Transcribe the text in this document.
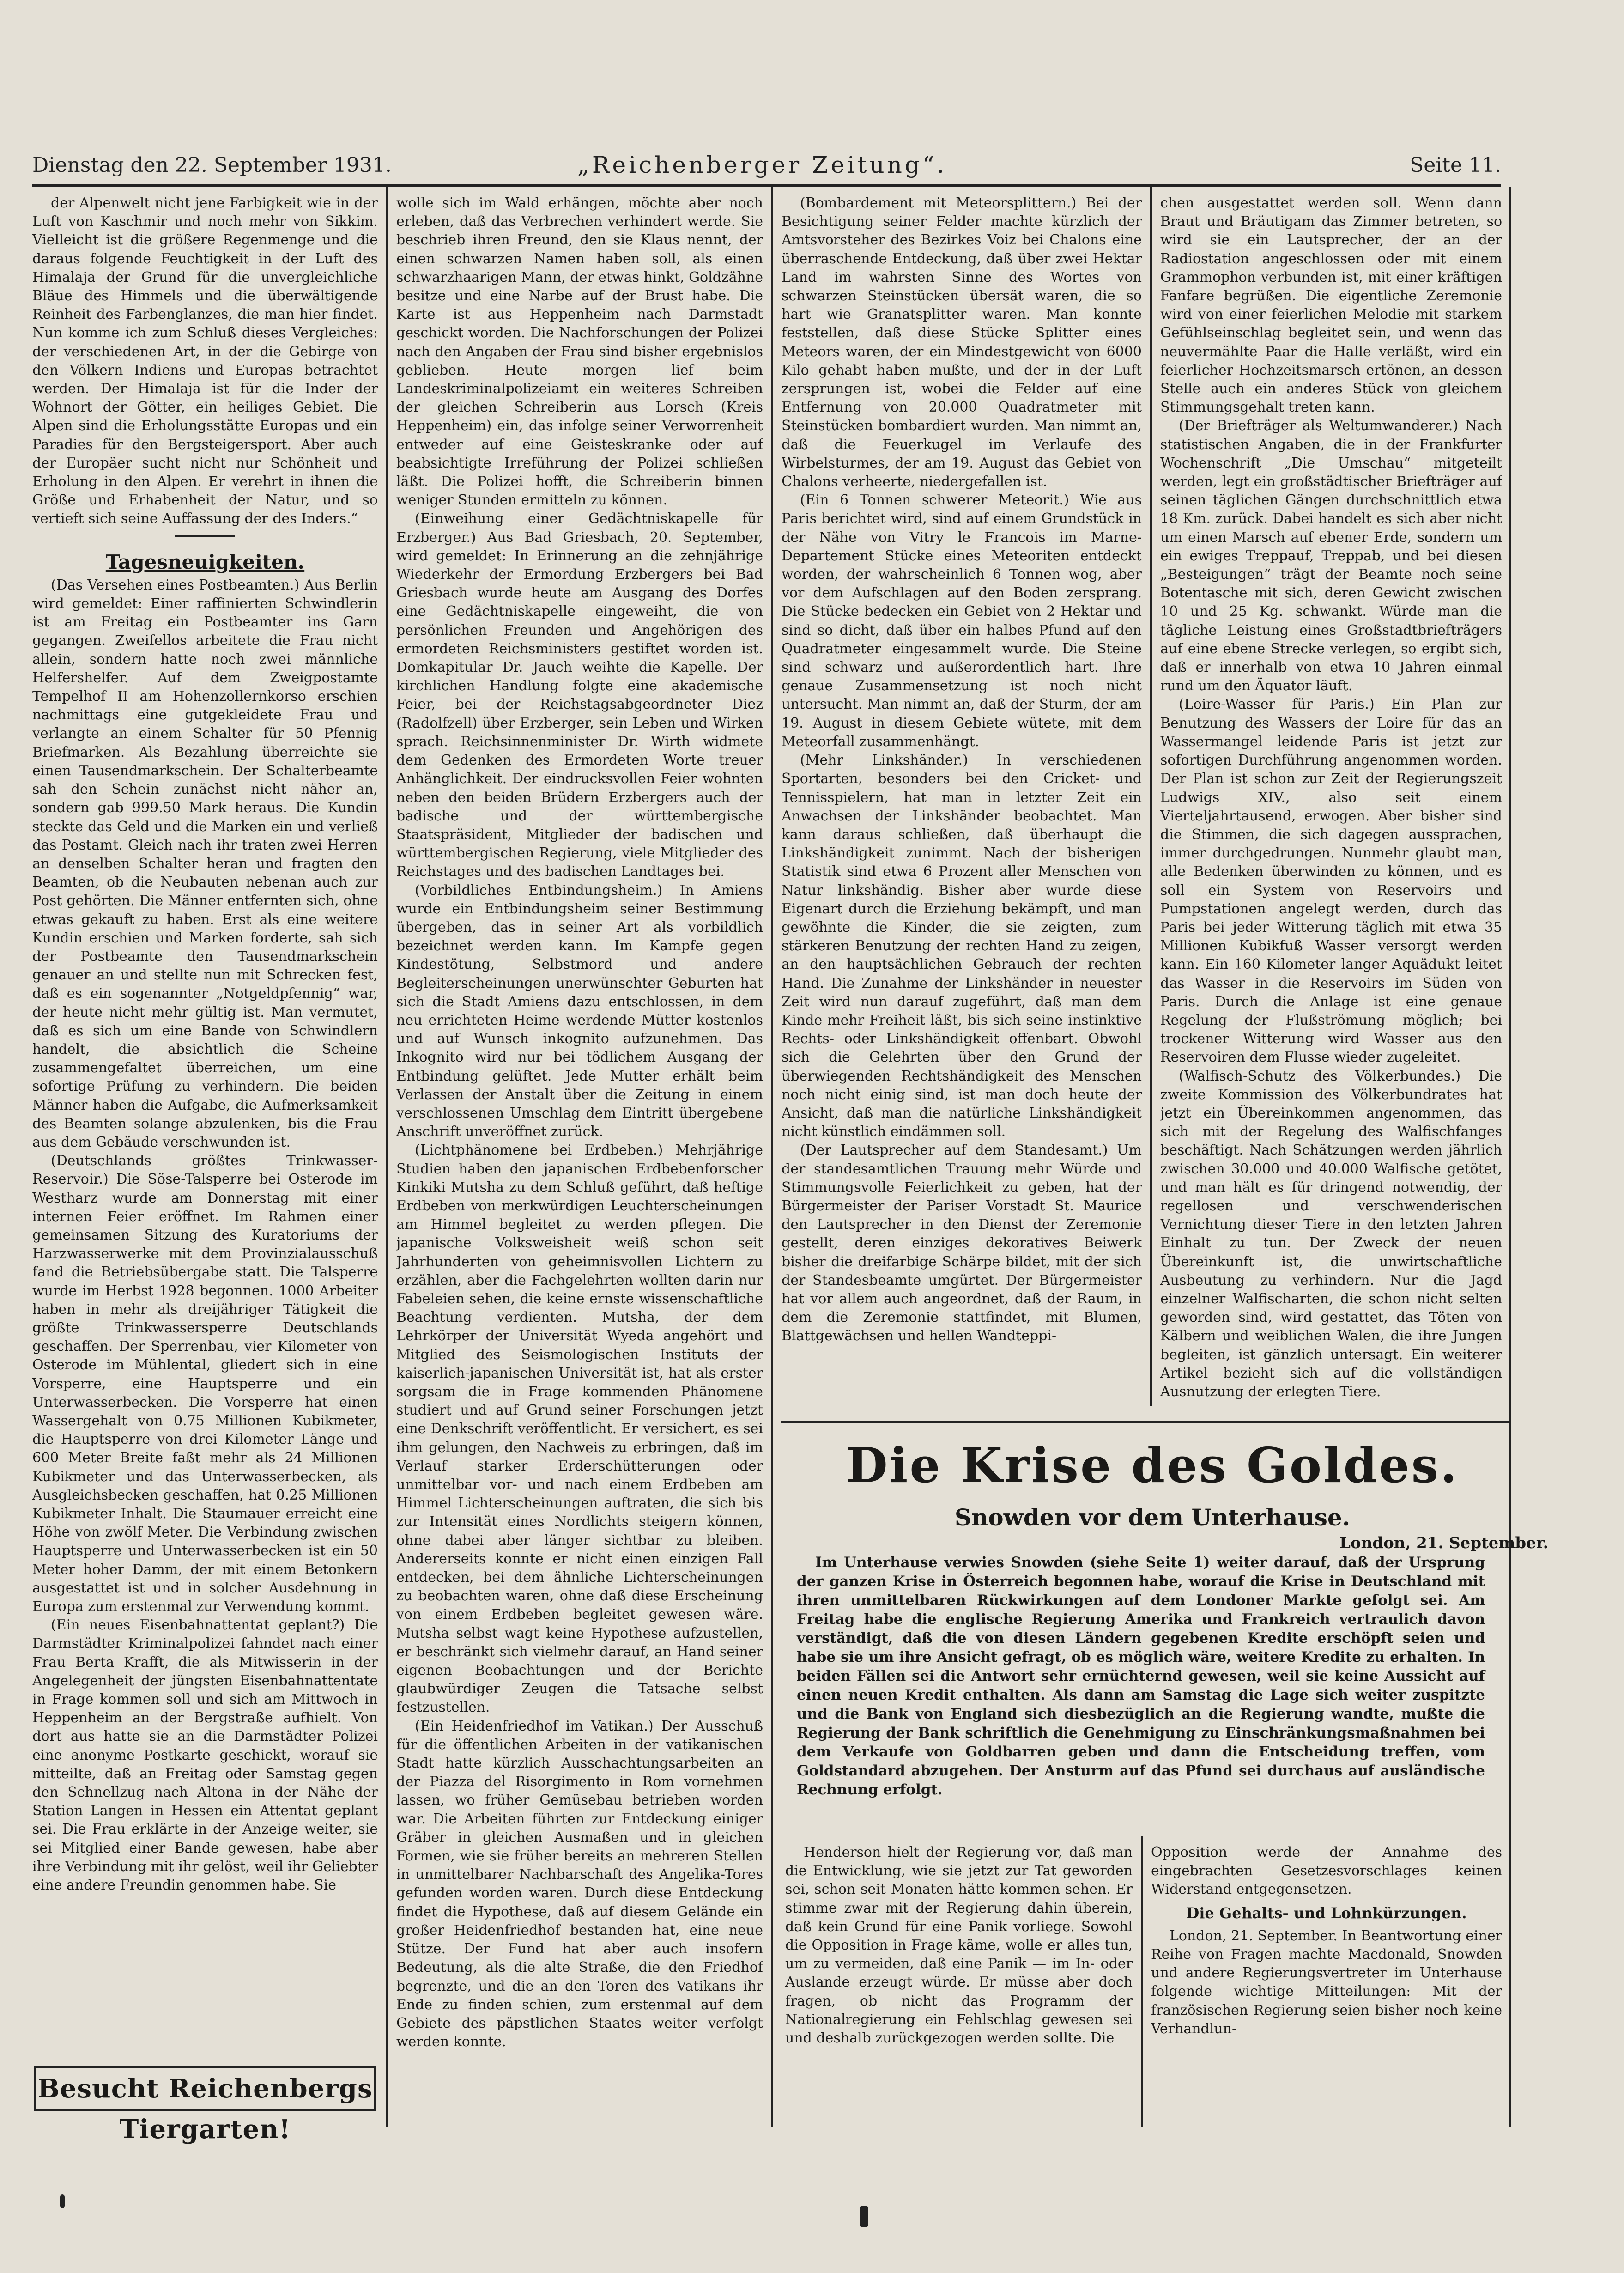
Dienstag den 22. September 1931.	„Reichenberger Zeitung“.	Seite 11.

der Alpenwelt nicht jene Farbigkeit wie in der Luft von Kaschmir und noch mehr von Sikkim. Vielleicht ist die größere Regenmenge und die daraus folgende Feuchtigkeit in der Luft des Himalaja der Grund für die unvergleichliche Bläue des Himmels und die überwältigende Reinheit des Farbenglanzes, die man hier findet. Nun komme ich zum Schluß dieses Vergleiches: der verschiedenen Art, in der die Gebirge von den Völkern Indiens und Europas betrachtet werden. Der Himalaja ist für die Inder der Wohnort der Götter, ein heiliges Gebiet. Die Alpen sind die Erholungsstätte Europas und ein Paradies für den Bergsteigersport. Aber auch der Europäer sucht nicht nur Schönheit und Erholung in den Alpen. Er verehrt in ihnen die Größe und Erhabenheit der Natur, und so vertieft sich seine Auffassung der des Inders.“

Tagesneuigkeiten.

(Das Versehen eines Postbeamten.) Aus Berlin wird gemeldet: Einer raffinierten Schwindlerin ist am Freitag ein Postbeamter ins Garn gegangen. Zweifellos arbeitete die Frau nicht allein, sondern hatte noch zwei männliche Helfershelfer. Auf dem Zweigpostamte Tempelhof II am Hohenzollernkorso erschien nachmittags eine gutgekleidete Frau und verlangte an einem Schalter für 50 Pfennig Briefmarken. Als Bezahlung überreichte sie einen Tausendmarkschein. Der Schalterbeamte sah den Schein zunächst nicht näher an, sondern gab 999.50 Mark heraus. Die Kundin steckte das Geld und die Marken ein und verließ das Postamt. Gleich nach ihr traten zwei Herren an denselben Schalter heran und fragten den Beamten, ob die Neubauten nebenan auch zur Post gehörten. Die Männer entfernten sich, ohne etwas gekauft zu haben. Erst als eine weitere Kundin erschien und Marken forderte, sah sich der Postbeamte den Tausendmarkschein genauer an und stellte nun mit Schrecken fest, daß es ein sogenannter „Notgeldpfennig“ war, der heute nicht mehr gültig ist. Man vermutet, daß es sich um eine Bande von Schwindlern handelt, die absichtlich die Scheine zusammengefaltet überreichen, um eine sofortige Prüfung zu verhindern. Die beiden Männer haben die Aufgabe, die Aufmerksamkeit des Beamten solange abzulenken, bis die Frau aus dem Gebäude verschwunden ist.

(Deutschlands größtes Trinkwasser-Reservoir.) Die Söse-Talsperre bei Osterode im Westharz wurde am Donnerstag mit einer internen Feier eröffnet. Im Rahmen einer gemeinsamen Sitzung des Kuratoriums der Harzwasserwerke mit dem Provinzialausschuß fand die Betriebsübergabe statt. Die Talsperre wurde im Herbst 1928 begonnen. 1000 Arbeiter haben in mehr als dreijähriger Tätigkeit die größte Trinkwassersperre Deutschlands geschaffen. Der Sperrenbau, vier Kilometer von Osterode im Mühlental, gliedert sich in eine Vorsperre, eine Hauptsperre und ein Unterwasserbecken. Die Vorsperre hat einen Wassergehalt von 0.75 Millionen Kubikmeter, die Hauptsperre von drei Kilometer Länge und 600 Meter Breite faßt mehr als 24 Millionen Kubikmeter und das Unterwasserbecken, als Ausgleichsbecken geschaffen, hat 0.25 Millionen Kubikmeter Inhalt. Die Staumauer erreicht eine Höhe von zwölf Meter. Die Verbindung zwischen Hauptsperre und Unterwasserbecken ist ein 50 Meter hoher Damm, der mit einem Betonkern ausgestattet ist und in solcher Ausdehnung in Europa zum erstenmal zur Verwendung kommt.

(Ein neues Eisenbahnattentat geplant?) Die Darmstädter Kriminalpolizei fahndet nach einer Frau Berta Krafft, die als Mitwisserin in der Angelegenheit der jüngsten Eisenbahnattentate in Frage kommen soll und sich am Mittwoch in Heppenheim an der Bergstraße aufhielt. Von dort aus hatte sie an die Darmstädter Polizei eine anonyme Postkarte geschickt, worauf sie mitteilte, daß an Freitag oder Samstag gegen den Schnellzug nach Altona in der Nähe der Station Langen in Hessen ein Attentat geplant sei. Die Frau erklärte in der Anzeige weiter, sie sei Mitglied einer Bande gewesen, habe aber ihre Verbindung mit ihr gelöst, weil ihr Geliebter eine andere Freundin genommen habe. Sie

Besucht Reichenbergs Tiergarten!

wolle sich im Wald erhängen, möchte aber noch erleben, daß das Verbrechen verhindert werde. Sie beschrieb ihren Freund, den sie Klaus nennt, der einen schwarzen Namen haben soll, als einen schwarzhaarigen Mann, der etwas hinkt, Goldzähne besitze und eine Narbe auf der Brust habe. Die Karte ist aus Heppenheim nach Darmstadt geschickt worden. Die Nachforschungen der Polizei nach den Angaben der Frau sind bisher ergebnislos geblieben. Heute morgen lief beim Landeskriminalpolizeiamt ein weiteres Schreiben der gleichen Schreiberin aus Lorsch (Kreis Heppenheim) ein, das infolge seiner Verworrenheit entweder auf eine Geisteskranke oder auf beabsichtigte Irreführung der Polizei schließen läßt. Die Polizei hofft, die Schreiberin binnen weniger Stunden ermitteln zu können.

(Einweihung einer Gedächtniskapelle für Erzberger.) Aus Bad Griesbach, 20. September, wird gemeldet: In Erinnerung an die zehnjährige Wiederkehr der Ermordung Erzbergers bei Bad Griesbach wurde heute am Ausgang des Dorfes eine Gedächtniskapelle eingeweiht, die von persönlichen Freunden und Angehörigen des ermordeten Reichsministers gestiftet worden ist. Domkapitular Dr. Jauch weihte die Kapelle. Der kirchlichen Handlung folgte eine akademische Feier, bei der Reichstagsabgeordneter Diez (Radolfzell) über Erzberger, sein Leben und Wirken sprach. Reichsinnenminister Dr. Wirth widmete dem Gedenken des Ermordeten Worte treuer Anhänglichkeit. Der eindrucksvollen Feier wohnten neben den beiden Brüdern Erzbergers auch der badische und der württembergische Staatspräsident, Mitglieder der badischen und württembergischen Regierung, viele Mitglieder des Reichstages und des badischen Landtages bei.

(Vorbildliches Entbindungsheim.) In Amiens wurde ein Entbindungsheim seiner Bestimmung übergeben, das in seiner Art als vorbildlich bezeichnet werden kann. Im Kampfe gegen Kindestötung, Selbstmord und andere Begleiterscheinungen unerwünschter Geburten hat sich die Stadt Amiens dazu entschlossen, in dem neu errichteten Heime werdende Mütter kostenlos und auf Wunsch inkognito aufzunehmen. Das Inkognito wird nur bei tödlichem Ausgang der Entbindung gelüftet. Jede Mutter erhält beim Verlassen der Anstalt über die Zeitung in einem verschlossenen Umschlag dem Eintritt übergebene Anschrift unveröffnet zurück.

(Lichtphänomene bei Erdbeben.) Mehrjährige Studien haben den japanischen Erdbebenforscher Kinkiki Mutsha zu dem Schluß geführt, daß heftige Erdbeben von merkwürdigen Leuchterscheinungen am Himmel begleitet zu werden pflegen. Die japanische Volksweisheit weiß schon seit Jahrhunderten von geheimnisvollen Lichtern zu erzählen, aber die Fachgelehrten wollten darin nur Fabeleien sehen, die keine ernste wissenschaftliche Beachtung verdienten. Mutsha, der dem Lehrkörper der Universität Wyeda angehört und Mitglied des Seismologischen Instituts der kaiserlich-japanischen Universität ist, hat als erster sorgsam die in Frage kommenden Phänomene studiert und auf Grund seiner Forschungen jetzt eine Denkschrift veröffentlicht. Er versichert, es sei ihm gelungen, den Nachweis zu erbringen, daß im Verlauf starker Erderschütterungen oder unmittelbar vor- und nach einem Erdbeben am Himmel Lichterscheinungen auftraten, die sich bis zur Intensität eines Nordlichts steigern können, ohne dabei aber länger sichtbar zu bleiben. Andererseits konnte er nicht einen einzigen Fall entdecken, bei dem ähnliche Lichterscheinungen zu beobachten waren, ohne daß diese Erscheinung von einem Erdbeben begleitet gewesen wäre. Mutsha selbst wagt keine Hypothese aufzustellen, er beschränkt sich vielmehr darauf, an Hand seiner eigenen Beobachtungen und der Berichte glaubwürdiger Zeugen die Tatsache selbst festzustellen.

(Ein Heidenfriedhof im Vatikan.) Der Ausschuß für die öffentlichen Arbeiten in der vatikanischen Stadt hatte kürzlich Ausschachtungsarbeiten an der Piazza del Risorgimento in Rom vornehmen lassen, wo früher Gemüsebau betrieben worden war. Die Arbeiten führten zur Entdeckung einiger Gräber in gleichen Ausmaßen und in gleichen Formen, wie sie früher bereits an mehreren Stellen in unmittelbarer Nachbarschaft des Angelika-Tores gefunden worden waren. Durch diese Entdeckung findet die Hypothese, daß auf diesem Gelände ein großer Heidenfriedhof bestanden hat, eine neue Stütze. Der Fund hat aber auch insofern Bedeutung, als die alte Straße, die den Friedhof begrenzte, und die an den Toren des Vatikans ihr Ende zu finden schien, zum erstenmal auf dem Gebiete des päpstlichen Staates weiter verfolgt werden konnte.

(Bombardement mit Meteorsplittern.) Bei der Besichtigung seiner Felder machte kürzlich der Amtsvorsteher des Bezirkes Voiz bei Chalons eine überraschende Entdeckung, daß über zwei Hektar Land im wahrsten Sinne des Wortes von schwarzen Steinstücken übersät waren, die so hart wie Granatsplitter waren. Man konnte feststellen, daß diese Stücke Splitter eines Meteors waren, der ein Mindestgewicht von 6000 Kilo gehabt haben mußte, und der in der Luft zersprungen ist, wobei die Felder auf eine Entfernung von 20.000 Quadratmeter mit Steinstücken bombardiert wurden. Man nimmt an, daß die Feuerkugel im Verlaufe des Wirbelsturmes, der am 19. August das Gebiet von Chalons verheerte, niedergefallen ist.

(Ein 6 Tonnen schwerer Meteorit.) Wie aus Paris berichtet wird, sind auf einem Grundstück in der Nähe von Vitry le Francois im Marne-Departement Stücke eines Meteoriten entdeckt worden, der wahrscheinlich 6 Tonnen wog, aber vor dem Aufschlagen auf den Boden zersprang. Die Stücke bedecken ein Gebiet von 2 Hektar und sind so dicht, daß über ein halbes Pfund auf den Quadratmeter eingesammelt wurde. Die Steine sind schwarz und außerordentlich hart. Ihre genaue Zusammensetzung ist noch nicht untersucht. Man nimmt an, daß der Sturm, der am 19. August in diesem Gebiete wütete, mit dem Meteorfall zusammenhängt.

(Mehr Linkshänder.) In verschiedenen Sportarten, besonders bei den Cricket- und Tennisspielern, hat man in letzter Zeit ein Anwachsen der Linkshänder beobachtet. Man kann daraus schließen, daß überhaupt die Linkshändigkeit zunimmt. Nach der bisherigen Statistik sind etwa 6 Prozent aller Menschen von Natur linkshändig. Bisher aber wurde diese Eigenart durch die Erziehung bekämpft, und man gewöhnte die Kinder, die sie zeigten, zum stärkeren Benutzung der rechten Hand zu zeigen, an den hauptsächlichen Gebrauch der rechten Hand. Die Zunahme der Linkshänder in neuester Zeit wird nun darauf zugeführt, daß man dem Kinde mehr Freiheit läßt, bis sich seine instinktive Rechts- oder Linkshändigkeit offenbart. Obwohl sich die Gelehrten über den Grund der überwiegenden Rechtshändigkeit des Menschen noch nicht einig sind, ist man doch heute der Ansicht, daß man die natürliche Linkshändigkeit nicht künstlich eindämmen soll.

(Der Lautsprecher auf dem Standesamt.) Um der standesamtlichen Trauung mehr Würde und Stimmungsvolle Feierlichkeit zu geben, hat der Bürgermeister der Pariser Vorstadt St. Maurice den Lautsprecher in den Dienst der Zeremonie gestellt, deren einziges dekoratives Beiwerk bisher die dreifarbige Schärpe bildet, mit der sich der Standesbeamte umgürtet. Der Bürgermeister hat vor allem auch angeordnet, daß der Raum, in dem die Zeremonie stattfindet, mit Blumen, Blattgewächsen und hellen Wandteppi-

chen ausgestattet werden soll. Wenn dann Braut und Bräutigam das Zimmer betreten, so wird sie ein Lautsprecher, der an der Radiostation angeschlossen oder mit einem Grammophon verbunden ist, mit einer kräftigen Fanfare begrüßen. Die eigentliche Zeremonie wird von einer feierlichen Melodie mit starkem Gefühlseinschlag begleitet sein, und wenn das neuvermählte Paar die Halle verläßt, wird ein feierlicher Hochzeitsmarsch ertönen, an dessen Stelle auch ein anderes Stück von gleichem Stimmungsgehalt treten kann.

(Der Briefträger als Weltumwanderer.) Nach statistischen Angaben, die in der Frankfurter Wochenschrift „Die Umschau“ mitgeteilt werden, legt ein großstädtischer Briefträger auf seinen täglichen Gängen durchschnittlich etwa 18 Km. zurück. Dabei handelt es sich aber nicht um einen Marsch auf ebener Erde, sondern um ein ewiges Treppauf, Treppab, und bei diesen „Besteigungen“ trägt der Beamte noch seine Botentasche mit sich, deren Gewicht zwischen 10 und 25 Kg. schwankt. Würde man die tägliche Leistung eines Großstadtbriefträgers auf eine ebene Strecke verlegen, so ergibt sich, daß er innerhalb von etwa 10 Jahren einmal rund um den Äquator läuft.

(Loire-Wasser für Paris.) Ein Plan zur Benutzung des Wassers der Loire für das an Wassermangel leidende Paris ist jetzt zur sofortigen Durchführung angenommen worden. Der Plan ist schon zur Zeit der Regierungszeit Ludwigs XIV., also seit einem Vierteljahrtausend, erwogen. Aber bisher sind die Stimmen, die sich dagegen aussprachen, immer durchgedrungen. Nunmehr glaubt man, alle Bedenken überwinden zu können, und es soll ein System von Reservoirs und Pumpstationen angelegt werden, durch das Paris bei jeder Witterung täglich mit etwa 35 Millionen Kubikfuß Wasser versorgt werden kann. Ein 160 Kilometer langer Aquädukt leitet das Wasser in die Reservoirs im Süden von Paris. Durch die Anlage ist eine genaue Regelung der Flußströmung möglich; bei trockener Witterung wird Wasser aus den Reservoiren dem Flusse wieder zugeleitet.

(Walfisch-Schutz des Völkerbundes.) Die zweite Kommission des Völkerbundrates hat jetzt ein Übereinkommen angenommen, das sich mit der Regelung des Walfischfanges beschäftigt. Nach Schätzungen werden jährlich zwischen 30.000 und 40.000 Walfische getötet, und man hält es für dringend notwendig, der regellosen und verschwenderischen Vernichtung dieser Tiere in den letzten Jahren Einhalt zu tun. Der Zweck der neuen Übereinkunft ist, die unwirtschaftliche Ausbeutung zu verhindern. Nur die Jagd einzelner Walfischarten, die schon nicht selten geworden sind, wird gestattet, das Töten von Kälbern und weiblichen Walen, die ihre Jungen begleiten, ist gänzlich untersagt. Ein weiterer Artikel bezieht sich auf die vollständigen Ausnutzung der erlegten Tiere.

Die Krise des Goldes.
Snowden vor dem Unterhause.
London, 21. September.

Im Unterhause verwies Snowden (siehe Seite 1) weiter darauf, daß der Ursprung der ganzen Krise in Österreich begonnen habe, worauf die Krise in Deutschland mit ihren unmittelbaren Rückwirkungen auf dem Londoner Markte gefolgt sei. Am Freitag habe die englische Regierung Amerika und Frankreich vertraulich davon verständigt, daß die von diesen Ländern gegebenen Kredite erschöpft seien und habe sie um ihre Ansicht gefragt, ob es möglich wäre, weitere Kredite zu erhalten. In beiden Fällen sei die Antwort sehr ernüchternd gewesen, weil sie keine Aussicht auf einen neuen Kredit enthalten. Als dann am Samstag die Lage sich weiter zuspitzte und die Bank von England sich diesbezüglich an die Regierung wandte, mußte die Regierung der Bank schriftlich die Genehmigung zu Einschränkungsmaßnahmen bei dem Verkaufe von Goldbarren geben und dann die Entscheidung treffen, vom Goldstandard abzugehen. Der Ansturm auf das Pfund sei durchaus auf ausländische Rechnung erfolgt.

Henderson hielt der Regierung vor, daß man die Entwicklung, wie sie jetzt zur Tat geworden sei, schon seit Monaten hätte kommen sehen. Er stimme zwar mit der Regierung dahin überein, daß kein Grund für eine Panik vorliege. Sowohl die Opposition in Frage käme, wolle er alles tun, um zu vermeiden, daß eine Panik — im In- oder Auslande erzeugt würde. Er müsse aber doch fragen, ob nicht das Programm der Nationalregierung ein Fehlschlag gewesen sei und deshalb zurückgezogen werden sollte. Die

Opposition werde der Annahme des eingebrachten Gesetzesvorschlages keinen Widerstand entgegensetzen.

Die Gehalts- und Lohnkürzungen.

London, 21. September. In Beantwortung einer Reihe von Fragen machte Macdonald, Snowden und andere Regierungsvertreter im Unterhause folgende wichtige Mitteilungen: Mit der französischen Regierung seien bisher noch keine Verhandlun-
